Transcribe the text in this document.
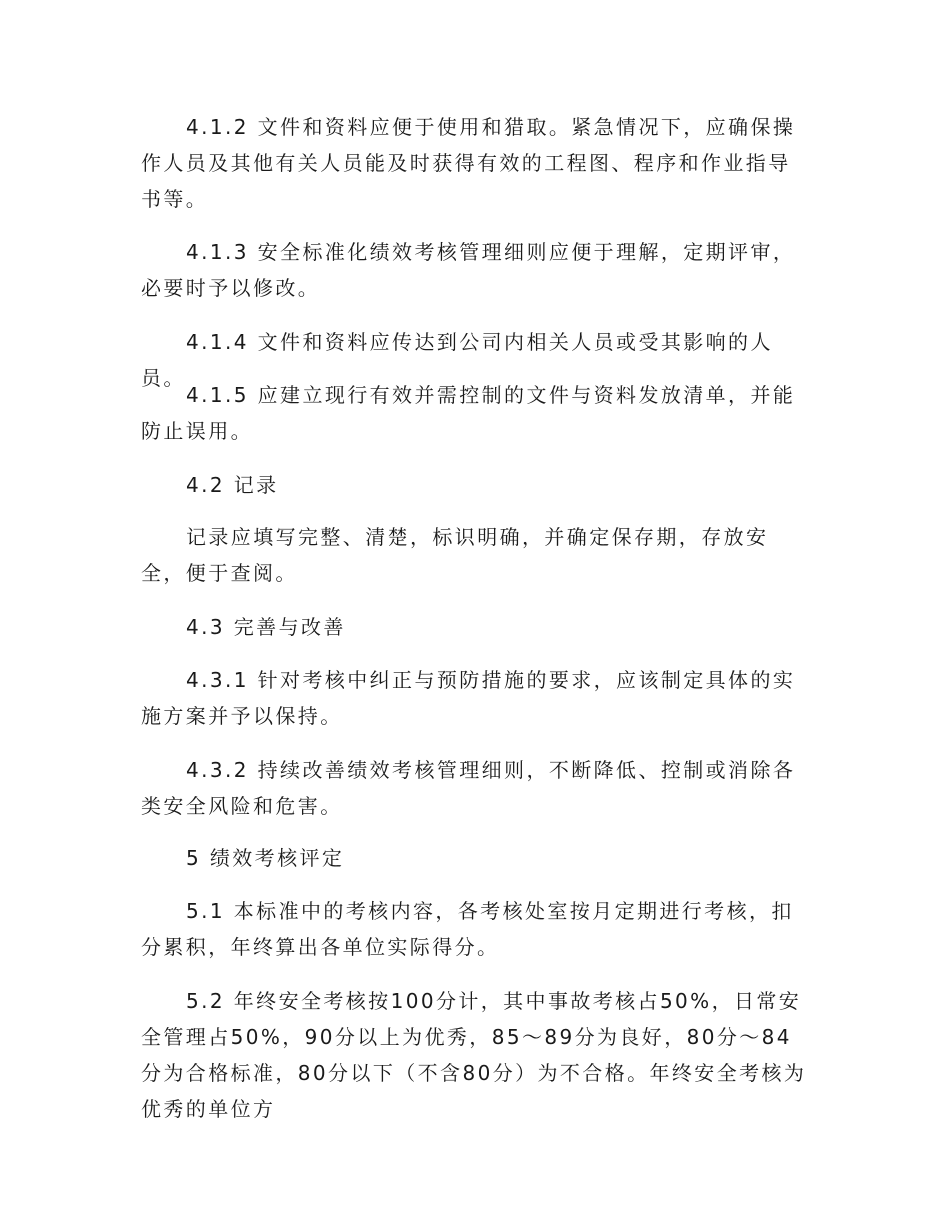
4.1.2 文件和资料应便于使用和猎取。紧急情况下，应确保操作人员及其他有关人员能及时获得有效的工程图、程序和作业指导书等。

4.1.3 安全标准化绩效考核管理细则应便于理解，定期评审，必要时予以修改。

4.1.4 文件和资料应传达到公司内相关人员或受其影响的人员。

4.1.5 应建立现行有效并需控制的文件与资料发放清单，并能防止误用。

4.2 记录

记录应填写完整、清楚，标识明确，并确定保存期，存放安全，便于查阅。

4.3 完善与改善

4.3.1 针对考核中纠正与预防措施的要求，应该制定具体的实施方案并予以保持。

4.3.2 持续改善绩效考核管理细则，不断降低、控制或消除各类安全风险和危害。

5 绩效考核评定

5.1 本标准中的考核内容，各考核处室按月定期进行考核，扣分累积，年终算出各单位实际得分。

5.2 年终安全考核按100分计，其中事故考核占50%，日常安全管理占50%，90分以上为优秀，85～89分为良好，80分～84分为合格标准，80分以下（不含80分）为不合格。年终安全考核为优秀的单位方
